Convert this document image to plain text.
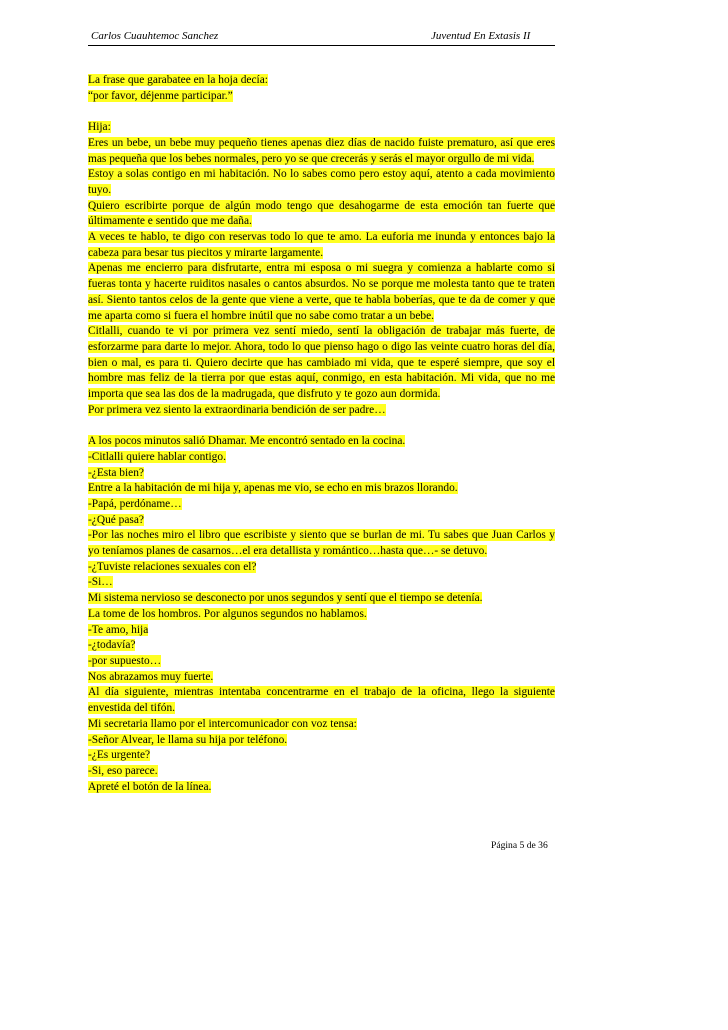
Carlos Cuauhtemoc Sanchez	Juventud En Extasis II

La frase que garabatee en la hoja decía:

“por favor, déjenme participar.”

Hija:

Eres un bebe, un bebe muy pequeño tienes apenas diez días de nacido fuiste prematuro, así que eres mas pequeña que los bebes normales, pero yo se que crecerás y serás el mayor orgullo de mi vida.

Estoy a solas contigo en mi habitación. No lo sabes como pero estoy aquí, atento a cada movimiento tuyo.

Quiero escribirte porque de algún modo tengo que desahogarme de esta emoción tan fuerte que últimamente e sentido que me daña.

A veces te hablo, te digo con reservas todo lo que te amo. La euforia me inunda y entonces bajo la cabeza para besar tus piecitos y mirarte largamente.

Apenas me encierro para disfrutarte, entra mi esposa o mi suegra y comienza a hablarte como si fueras tonta y hacerte ruiditos nasales o cantos absurdos. No se porque me molesta tanto que te traten así. Siento tantos celos de la gente que viene a verte, que te habla boberías, que te da de comer y que me aparta como si fuera el hombre inútil que no sabe como tratar a un bebe.

Citlalli, cuando te vi por primera vez sentí miedo, sentí la obligación de trabajar más fuerte, de esforzarme para darte lo mejor. Ahora, todo lo que pienso hago o digo las veinte cuatro horas del día, bien o mal, es para ti. Quiero decirte que has cambiado mi vida, que te esperé siempre, que soy el hombre mas feliz de la tierra por que estas aquí, conmigo, en esta habitación. Mi vida, que no me importa que sea las dos de la madrugada, que disfruto y te gozo aun dormida.

Por primera vez siento la extraordinaria bendición de ser padre…

A los pocos minutos salió Dhamar. Me encontró sentado en la cocina.

-Citlalli quiere hablar contigo.

-¿Esta bien?

Entre a la habitación de mi hija y, apenas me vio, se echo en mis brazos llorando.

-Papá, perdóname…

-¿Qué pasa?

-Por las noches miro el libro que escribiste y siento que se burlan de mi. Tu sabes que Juan Carlos y yo teníamos planes de casarnos…el era detallista y romántico…hasta que…- se detuvo.

-¿Tuviste relaciones sexuales con el?

-Si…

Mi sistema nervioso se desconecto por unos segundos y sentí que el tiempo se detenía.

La tome de los hombros. Por algunos segundos no hablamos.

-Te amo, hija

-¿todavía?

-por supuesto…

Nos abrazamos muy fuerte.

Al día siguiente, mientras intentaba concentrarme en el trabajo de la oficina, llego la siguiente envestida del tifón.

Mi secretaria llamo por el intercomunicador con voz tensa:

-Señor Alvear, le llama su hija por teléfono.

-¿Es urgente?

-Si, eso parece.

Apreté el botón de la línea.

Página 5 de 36
